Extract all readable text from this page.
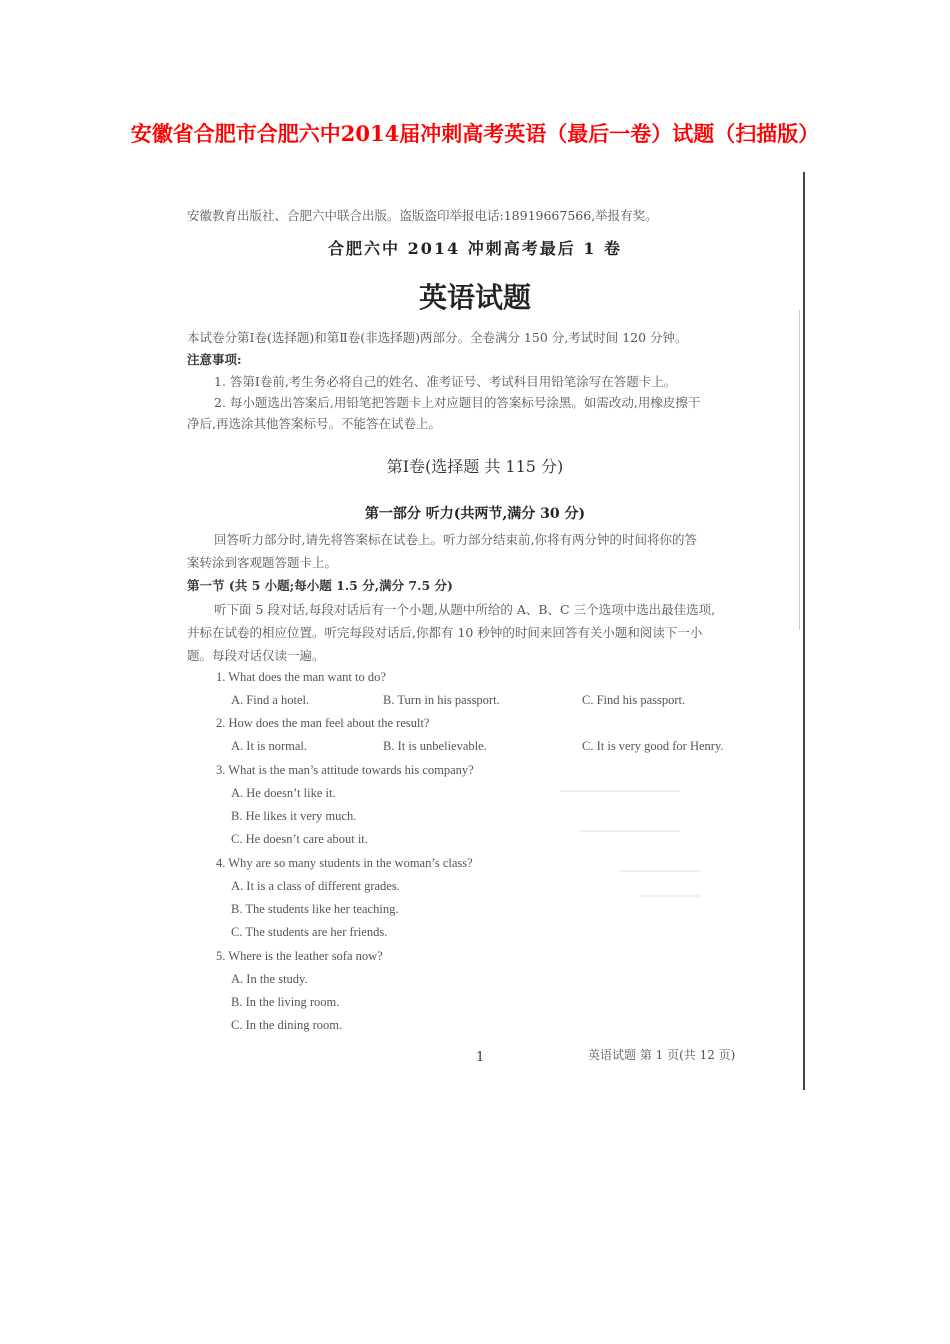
安徽省合肥市合肥六中2014届冲刺高考英语（最后一卷）试题（扫描版）
安徽教育出版社、合肥六中联合出版。盗版盗印举报电话:18919667566,举报有奖。
合肥六中 2014 冲刺高考最后 1 卷
英语试题
本试卷分第Ⅰ卷(选择题)和第Ⅱ卷(非选择题)两部分。全卷满分 150 分,考试时间 120 分钟。
注意事项:
1. 答第Ⅰ卷前,考生务必将自己的姓名、准考证号、考试科目用铅笔涂写在答题卡上。
2. 每小题选出答案后,用铅笔把答题卡上对应题目的答案标号涂黑。如需改动,用橡皮擦干
净后,再选涂其他答案标号。不能答在试卷上。
第Ⅰ卷(选择题 共 115 分)
第一部分 听力(共两节,满分 30 分)
回答听力部分时,请先将答案标在试卷上。听力部分结束前,你将有两分钟的时间将你的答
案转涂到客观题答题卡上。
第一节 (共 5 小题;每小题 1.5 分,满分 7.5 分)
听下面 5 段对话,每段对话后有一个小题,从题中所给的 A、B、C 三个选项中选出最佳选项,
并标在试卷的相应位置。听完每段对话后,你都有 10 秒钟的时间来回答有关小题和阅读下一小
题。每段对话仅读一遍。
1. What does the man want to do?
A. Find a hotel.	B. Turn in his passport.	C. Find his passport.
2. How does the man feel about the result?
A. It is normal.	B. It is unbelievable.	C. It is very good for Henry.
3. What is the man’s attitude towards his company?
A. He doesn’t like it.
B. He likes it very much.
C. He doesn’t care about it.
4. Why are so many students in the woman’s class?
A. It is a class of different grades.
B. The students like her teaching.
C. The students are her friends.
5. Where is the leather sofa now?
A. In the study.
B. In the living room.
C. In the dining room.
1	英语试题 第 1 页(共 12 页)
